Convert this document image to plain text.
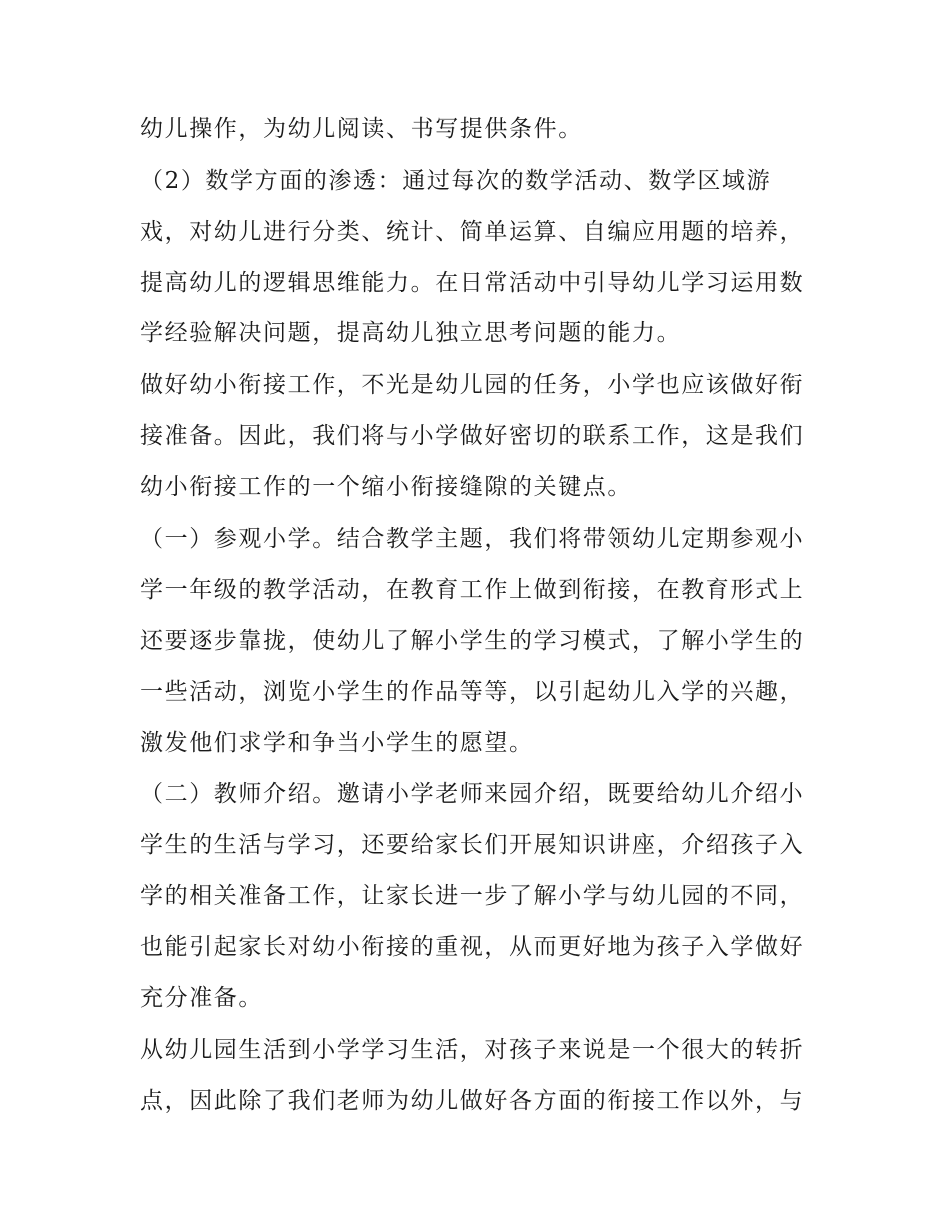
幼儿操作，为幼儿阅读、书写提供条件。
（2）数学方面的渗透：通过每次的数学活动、数学区域游
戏，对幼儿进行分类、统计、简单运算、自编应用题的培养，
提高幼儿的逻辑思维能力。在日常活动中引导幼儿学习运用数
学经验解决问题，提高幼儿独立思考问题的能力。
做好幼小衔接工作，不光是幼儿园的任务，小学也应该做好衔
接准备。因此，我们将与小学做好密切的联系工作，这是我们
幼小衔接工作的一个缩小衔接缝隙的关键点。
（一）参观小学。结合教学主题，我们将带领幼儿定期参观小
学一年级的教学活动，在教育工作上做到衔接，在教育形式上
还要逐步靠拢，使幼儿了解小学生的学习模式，了解小学生的
一些活动，浏览小学生的作品等等，以引起幼儿入学的兴趣，
激发他们求学和争当小学生的愿望。
（二）教师介绍。邀请小学老师来园介绍，既要给幼儿介绍小
学生的生活与学习，还要给家长们开展知识讲座，介绍孩子入
学的相关准备工作，让家长进一步了解小学与幼儿园的不同，
也能引起家长对幼小衔接的重视，从而更好地为孩子入学做好
充分准备。
从幼儿园生活到小学学习生活，对孩子来说是一个很大的转折
点，因此除了我们老师为幼儿做好各方面的衔接工作以外，与
